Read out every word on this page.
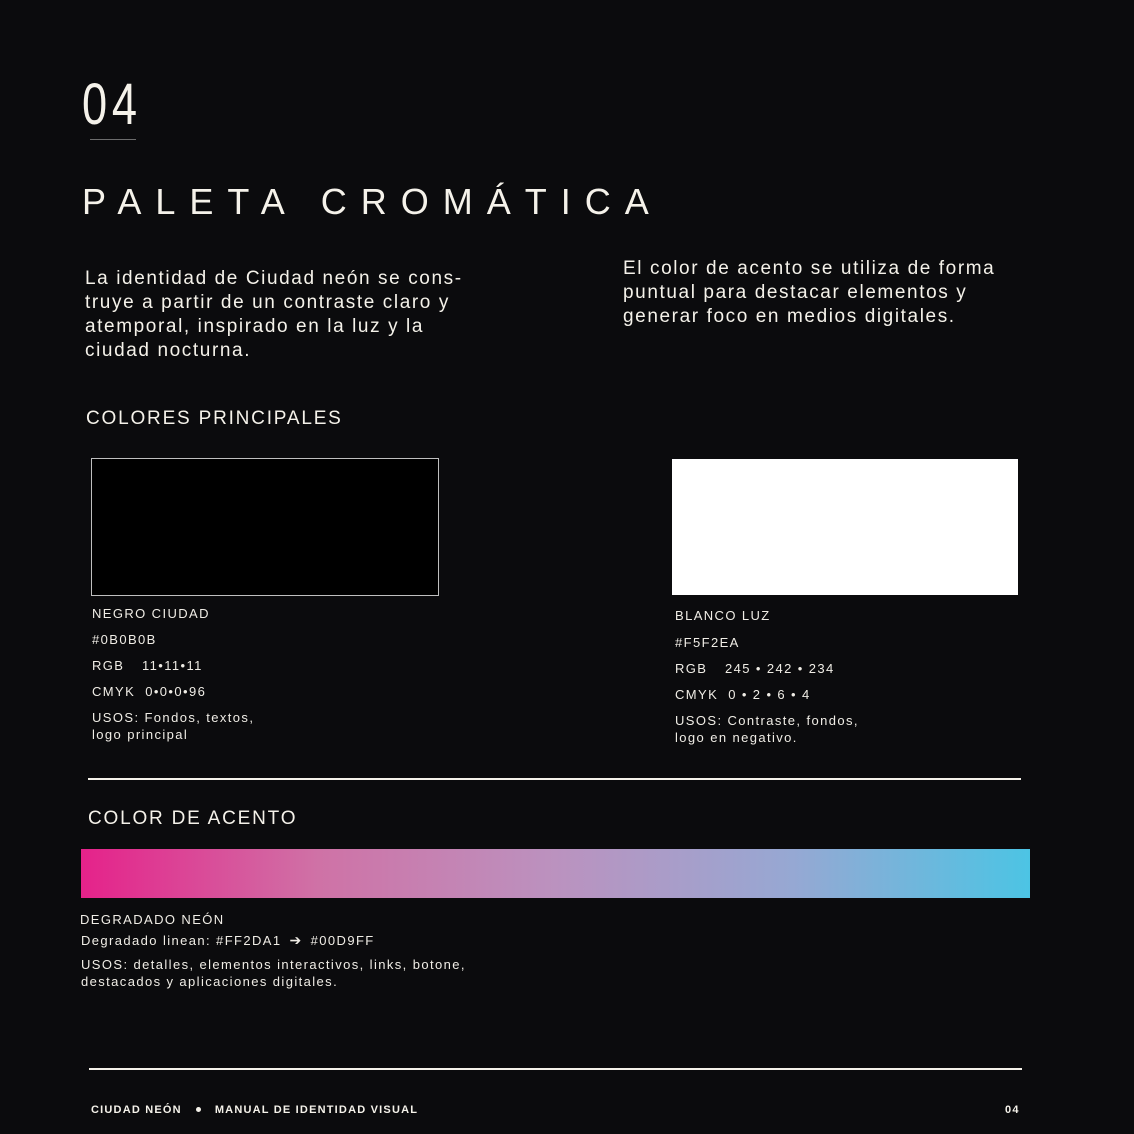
04
PALETA CROMÁTICA
La identidad de Ciudad neón se cons-
truye a partir de un contraste claro y
atemporal, inspirado en la luz y la
ciudad nocturna.
El color de acento se utiliza de forma
puntual para destacar elementos y
generar foco en medios digitales.
COLORES PRINCIPALES
NEGRO CIUDAD
#0B0B0B
RGB 11•11•11
CMYK 0•0•0•96
USOS: Fondos, textos,
logo principal
BLANCO LUZ
#F5F2EA
RGB 245 • 242 • 234
CMYK 0 • 2 • 6 • 4
USOS: Contraste, fondos,
logo en negativo.
COLOR DE ACENTO
DEGRADADO NEÓN
Degradado linean: #FF2DA1 ➔ #00D9FF
USOS: detalles, elementos interactivos, links, botone,
destacados y aplicaciones digitales.
CIUDAD NEÓN	MANUAL DE IDENTIDAD VISUAL	04
